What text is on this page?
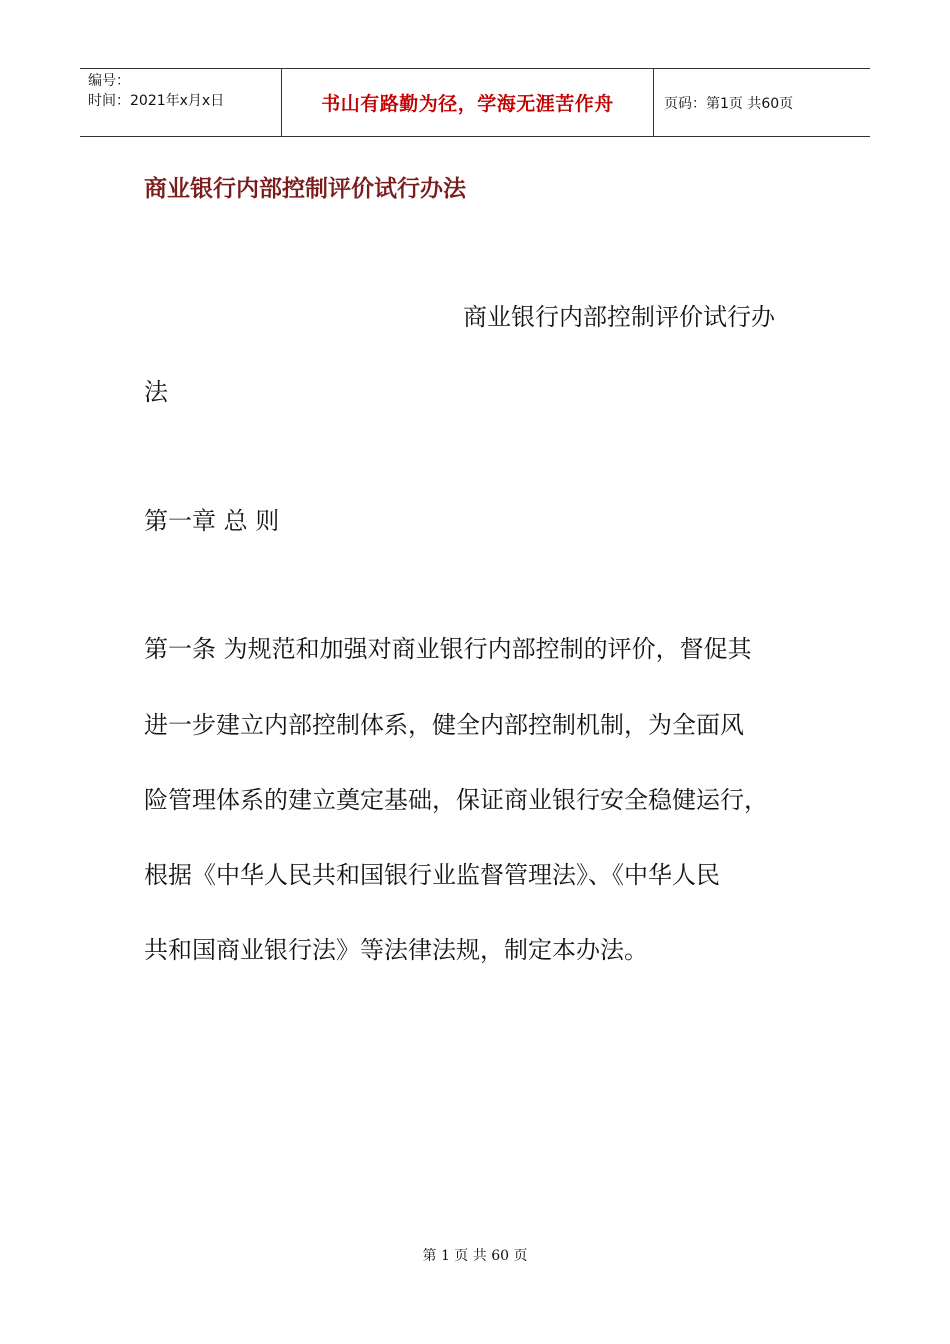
编号：
时间：2021年x月x日	书山有路勤为径，学海无涯苦作舟	页码：第1页 共60页
商业银行内部控制评价试行办法
商业银行内部控制评价试行办
法
第一章 总 则
第一条 为规范和加强对商业银行内部控制的评价，督促其
进一步建立内部控制体系，健全内部控制机制，为全面风
险管理体系的建立奠定基础，保证商业银行安全稳健运行，
根据《中华人民共和国银行业监督管理法》、《中华人民
共和国商业银行法》等法律法规，制定本办法。
第 1 页 共 60 页
